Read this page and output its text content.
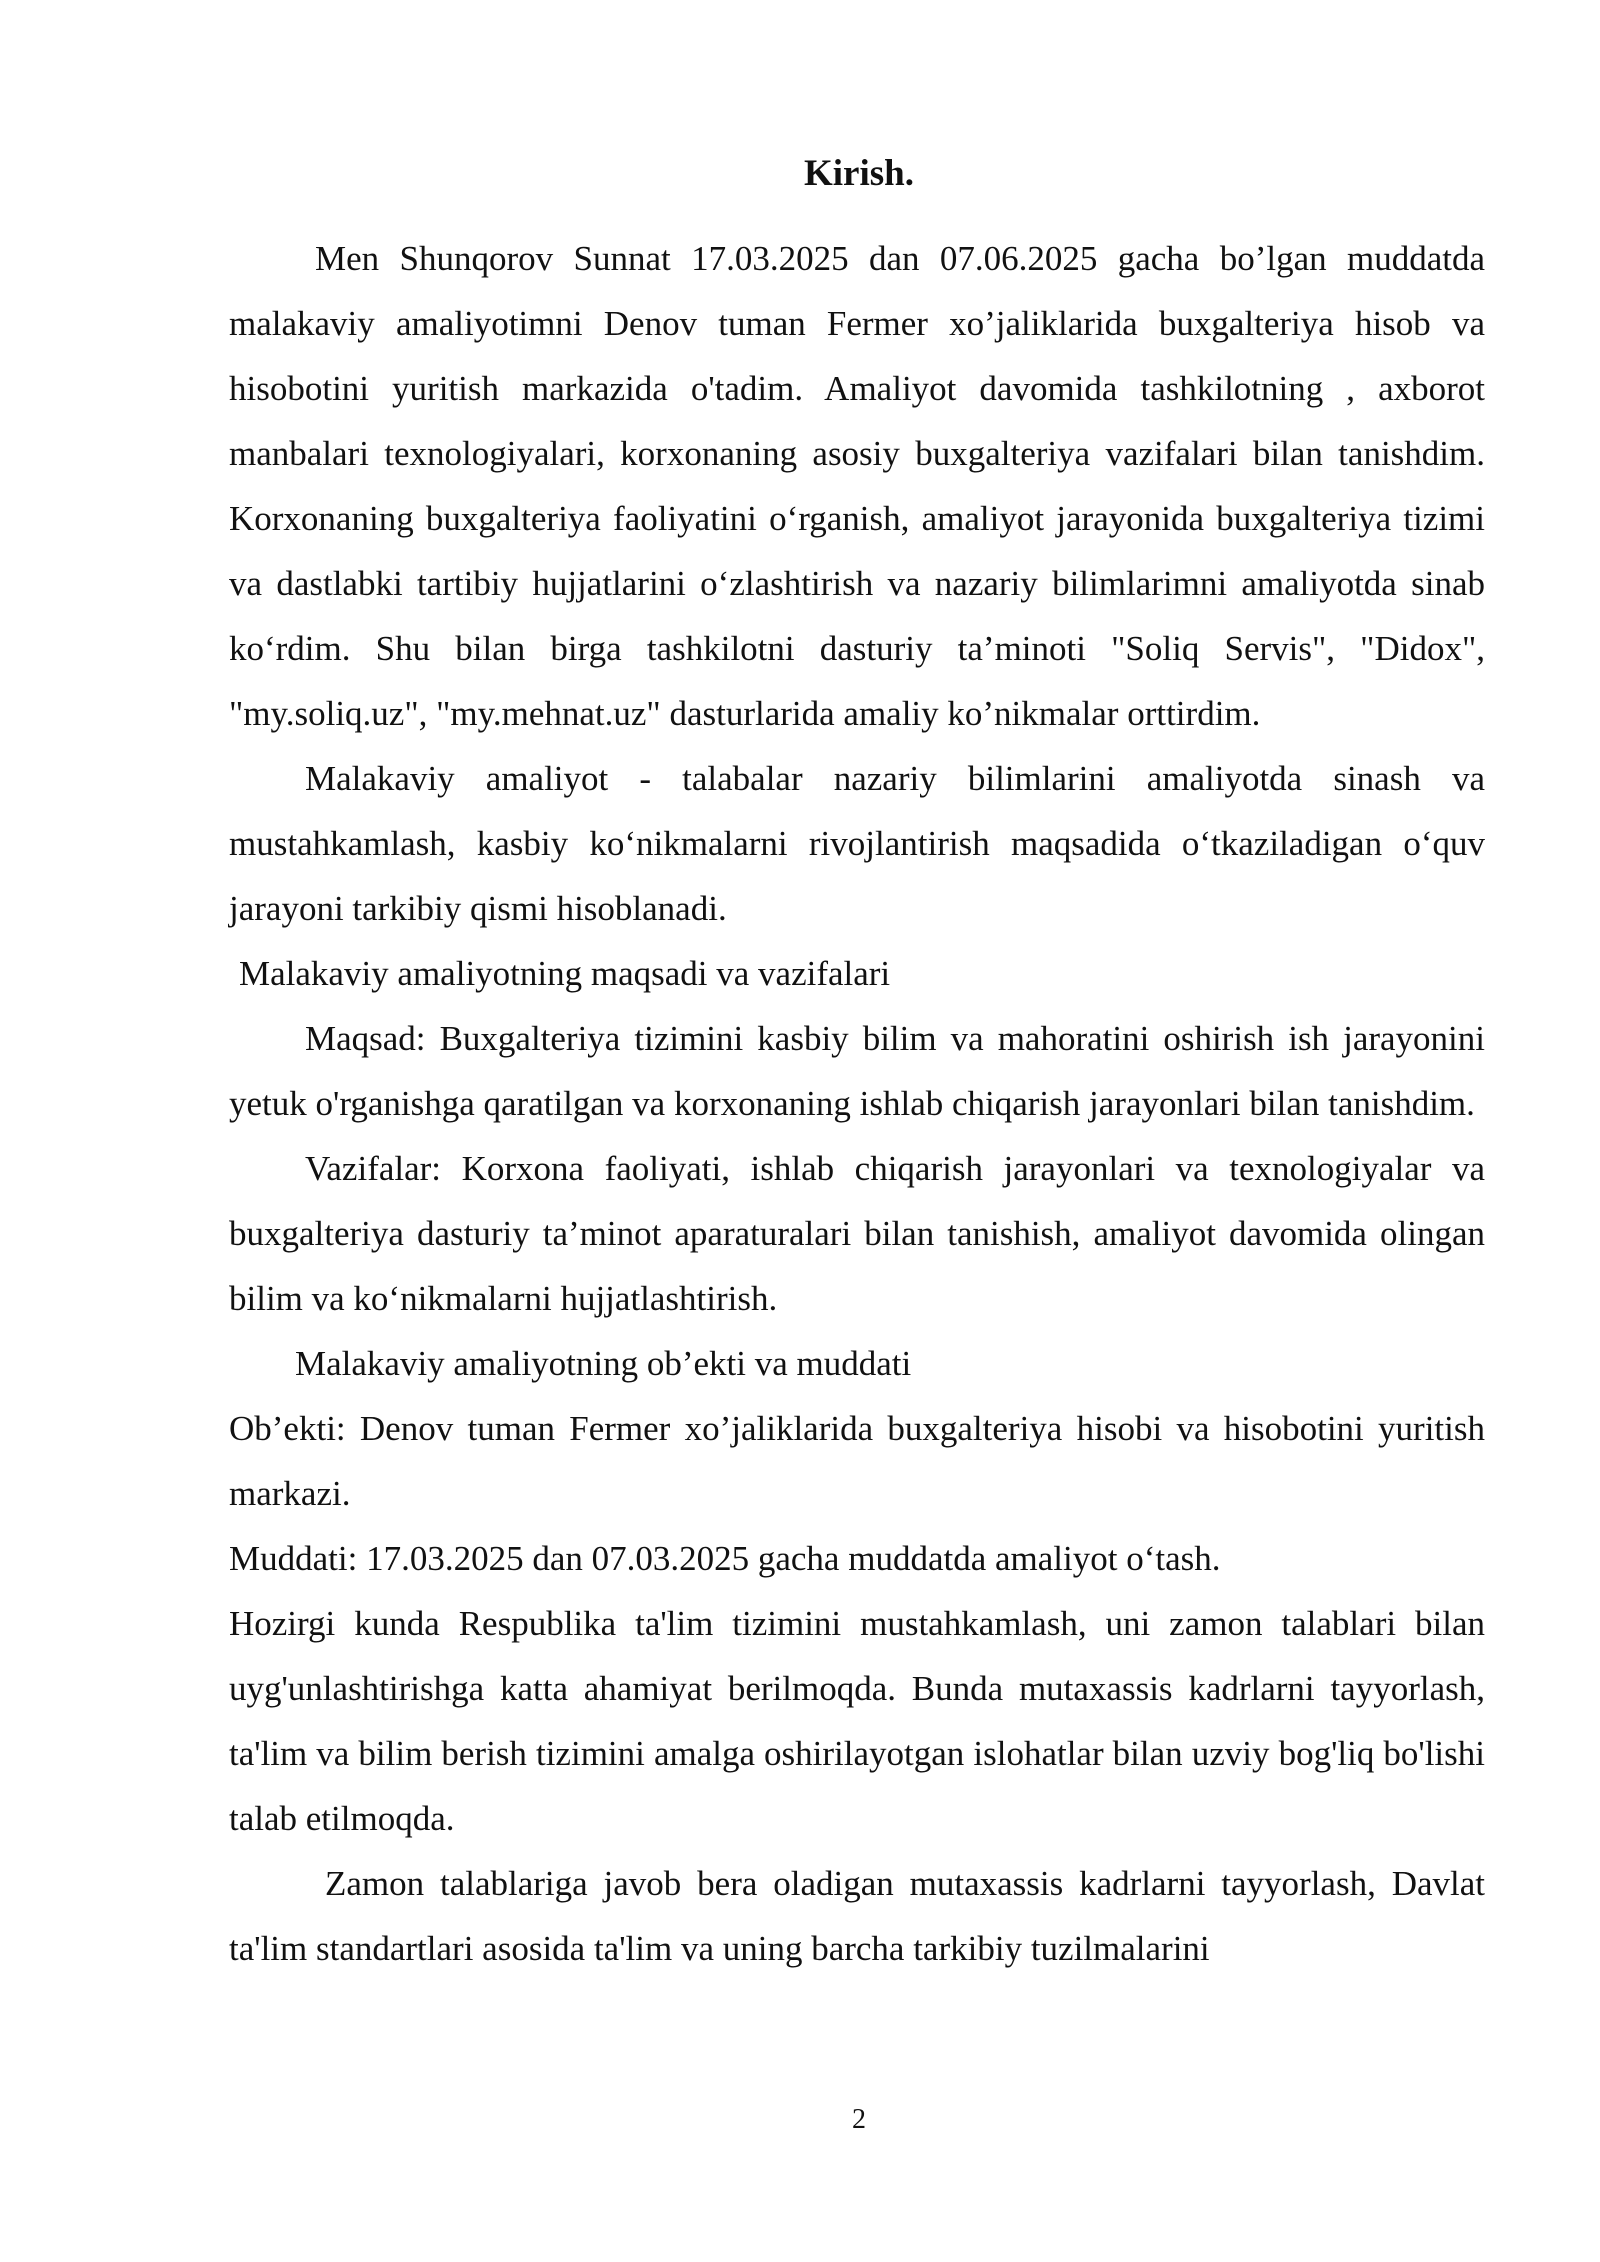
Kirish.

Men Shunqorov Sunnat 17.03.2025 dan 07.06.2025 gacha bo’lgan muddatda malakaviy amaliyotimni Denov tuman Fermer xo’jaliklarida buxgalteriya hisob va hisobotini yuritish markazida o'tadim. Amaliyot davomida tashkilotning , axborot manbalari texnologiyalari, korxonaning asosiy buxgalteriya vazifalari bilan tanishdim. Korxonaning buxgalteriya faoliyatini o‘rganish, amaliyot jarayonida buxgalteriya tizimi va dastlabki tartibiy hujjatlarini o‘zlashtirish va nazariy bilimlarimni amaliyotda sinab ko‘rdim. Shu bilan birga tashkilotni dasturiy ta’minoti "Soliq Servis", "Didox", "my.soliq.uz", "my.mehnat.uz" dasturlarida amaliy ko’nikmalar orttirdim.

Malakaviy amaliyot - talabalar nazariy bilimlarini amaliyotda sinash va mustahkamlash, kasbiy ko‘nikmalarni rivojlantirish maqsadida o‘tkaziladigan o‘quv jarayoni tarkibiy qismi hisoblanadi.

Malakaviy amaliyotning maqsadi va vazifalari

Maqsad: Buxgalteriya tizimini kasbiy bilim va mahoratini oshirish ish jarayonini yetuk o'rganishga qaratilgan va korxonaning ishlab chiqarish jarayonlari bilan tanishdim.

Vazifalar: Korxona faoliyati, ishlab chiqarish jarayonlari va texnologiyalar va buxgalteriya dasturiy ta’minot aparaturalari bilan tanishish, amaliyot davomida olingan bilim va ko‘nikmalarni hujjatlashtirish.

Malakaviy amaliyotning ob’ekti va muddati

Ob’ekti: Denov tuman Fermer xo’jaliklarida buxgalteriya hisobi va hisobotini yuritish markazi.

Muddati: 17.03.2025 dan 07.03.2025 gacha muddatda amaliyot o‘tash.

Hozirgi kunda Respublika ta'lim tizimini mustahkamlash, uni zamon talablari bilan uyg'unlashtirishga katta ahamiyat berilmoqda. Bunda mutaxassis kadrlarni tayyorlash, ta'lim va bilim berish tizimini amalga oshirilayotgan islohatlar bilan uzviy bog'liq bo'lishi talab etilmoqda.

Zamon talablariga javob bera oladigan mutaxassis kadrlarni tayyorlash, Davlat ta'lim standartlari asosida ta'lim va uning barcha tarkibiy tuzilmalarini

2
